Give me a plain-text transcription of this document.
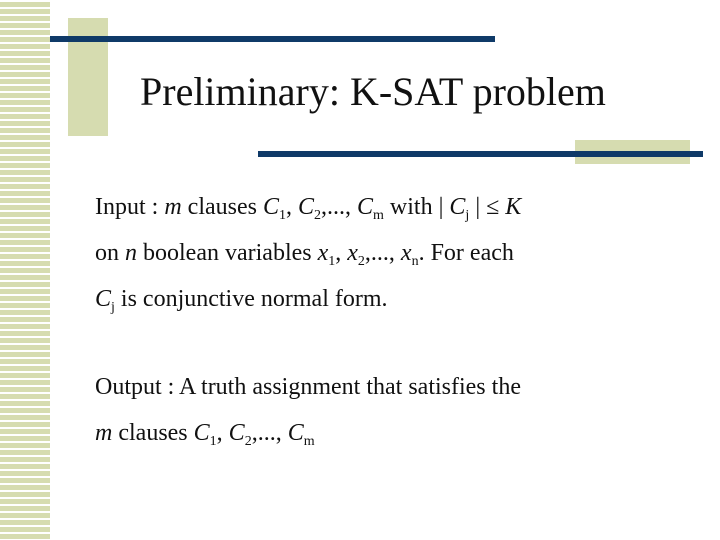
Preliminary: K-SAT problem
Input : m clauses $C_1$, $C_2$,..., $C_m$ with | $C_j$ | ≤ K
on n boolean variables $x_1$, $x_2$,..., $x_n$. For each
$C_j$ is conjunctive normal form.
Output : A truth assignment that satisfies the
m clauses $C_1$, $C_2$,..., $C_m$
